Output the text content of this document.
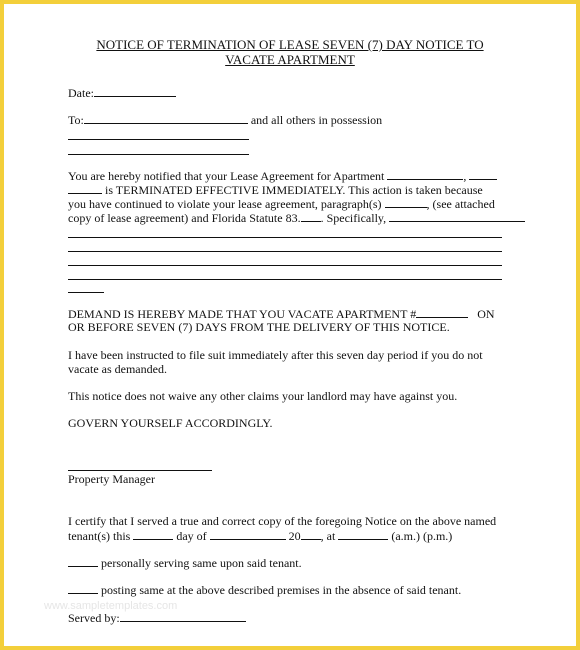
NOTICE OF TERMINATION OF LEASE SEVEN (7) DAY NOTICE TO
VACATE APARTMENT
Date:
To:	and all others in possession
You are hereby notified that your Lease Agreement for Apartment	,
is TERMINATED EFFECTIVE IMMEDIATELY. This action is taken because
you have continued to violate your lease agreement, paragraph(s)	, (see attached
copy of lease agreement) and Florida Statute 83. . Specifically,
DEMAND IS HEREBY MADE THAT YOU VACATE APARTMENT #	ON
OR BEFORE SEVEN (7) DAYS FROM THE DELIVERY OF THIS NOTICE.
I have been instructed to file suit immediately after this seven day period if you do not
vacate as demanded.
This notice does not waive any other claims your landlord may have against you.
GOVERN YOURSELF ACCORDINGLY.
Property Manager
I certify that I served a true and correct copy of the foregoing Notice on the above named
tenant(s) this	day of	20 , at	(a.m.) (p.m.)
personally serving same upon said tenant.
posting same at the above described premises in the absence of said tenant.
www.sampletemplates.com
Served by:
